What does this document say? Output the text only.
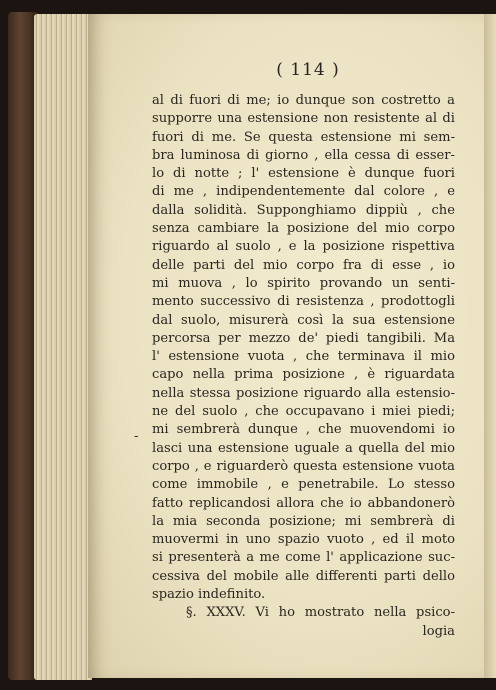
( 114 )
-
al di fuori di me; io dunque son costretto a
supporre una estensione non resistente al di
fuori di me. Se questa estensione mi sem-
bra luminosa di giorno , ella cessa di esser-
lo di notte ; l' estensione è dunque fuori
di me , indipendentemente dal colore , e
dalla solidità. Supponghiamo dippiù , che
senza cambiare la posizione del mio corpo
riguardo al suolo , e la posizione rispettiva
delle parti del mio corpo fra di esse , io
mi muova , lo spirito provando un senti-
mento successivo di resistenza , prodottogli
dal suolo, misurerà così la sua estensione
percorsa per mezzo de' piedi tangibili. Ma
l' estensione vuota , che terminava il mio
capo nella prima posizione , è riguardata
nella stessa posizione riguardo alla estensio-
ne del suolo , che occupavano i miei piedi;
mi sembrerà dunque , che muovendomi io
lasci una estensione uguale a quella del mio
corpo , e riguarderò questa estensione vuota
come immobile , e penetrabile. Lo stesso
fatto replicandosi allora che io abbandonerò
la mia seconda posizione; mi sembrerà di
muovermi in uno spazio vuoto , ed il moto
si presenterà a me come l' applicazione suc-
cessiva del mobile alle differenti parti dello
spazio indefinito.
§. XXXV. Vi ho mostrato nella psico-
logia
